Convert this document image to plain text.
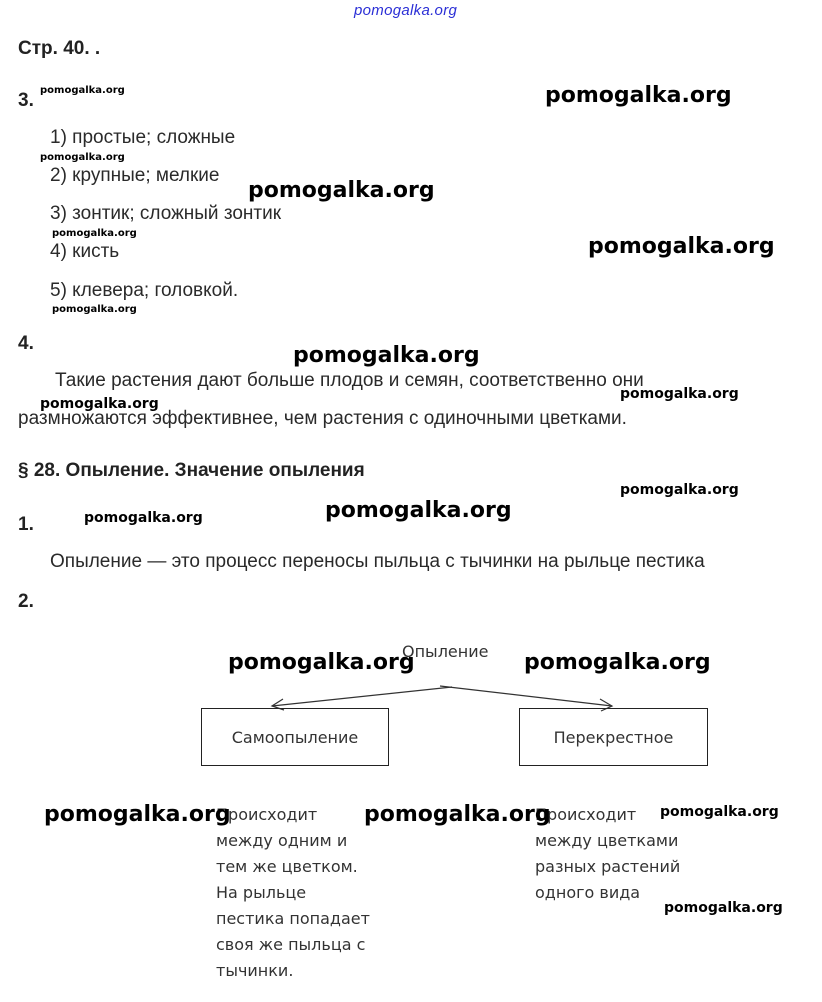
pomogalka.org
Стр. 40. .
3.
1) простые; сложные
2) крупные; мелкие
3) зонтик; сложный зонтик
4) кисть
5) клевера; головкой.
4.
Такие растения дают больше плодов и семян, соответственно они
размножаются эффективнее, чем растения с одиночными цветками.
§ 28. Опыление. Значение опыления
1.
Опыление — это процесс переносы пыльца с тычинки на рыльце пестика
2.
Опыление
Самоопыление	Перекрестное
Происходит
между одним и
тем же цветком.
На рыльце
пестика попадает
своя же пыльца с
тычинки.
Происходит
между цветками
разных растений
одного вида
pomogalka.org	pomogalka.org
pomogalka.org
pomogalka.org
pomogalka.org
pomogalka.org
pomogalka.org
pomogalka.org
pomogalka.org
pomogalka.org
pomogalka.org
pomogalka.org	pomogalka.org
pomogalka.org	pomogalka.org
pomogalka.org	pomogalka.org	pomogalka.org
pomogalka.org
